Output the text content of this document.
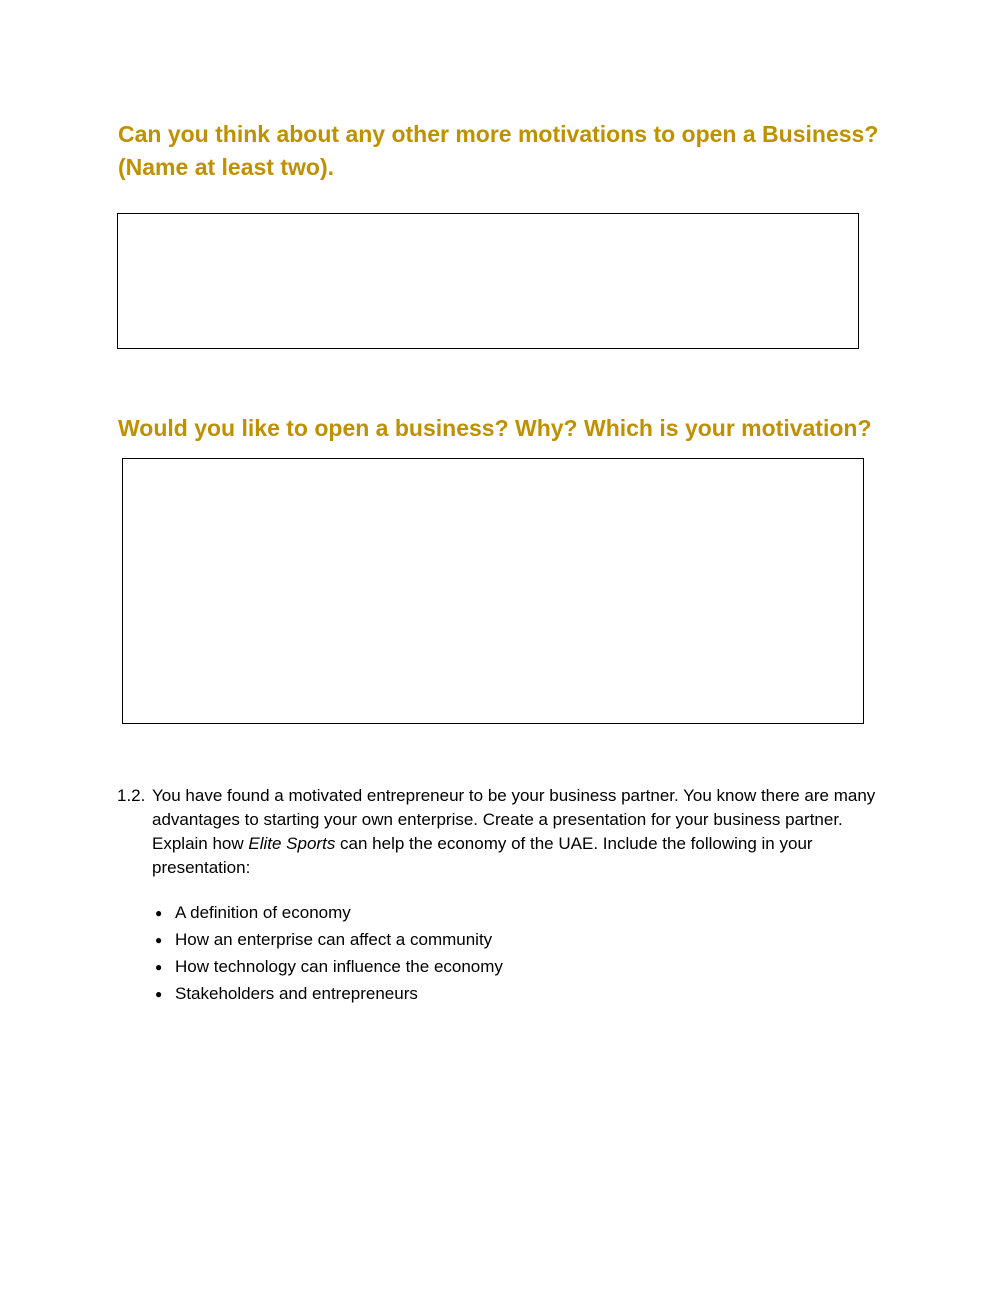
Can you think about any other more motivations to open a Business? (Name at least two).
Would you like to open a business? Why? Which is your motivation?
1.2. You have found a motivated entrepreneur to be your business partner. You know there are many advantages to starting your own enterprise. Create a presentation for your business partner. Explain how Elite Sports can help the economy of the UAE. Include the following in your presentation:
● A definition of economy
● How an enterprise can affect a community
● How technology can influence the economy
● Stakeholders and entrepreneurs
